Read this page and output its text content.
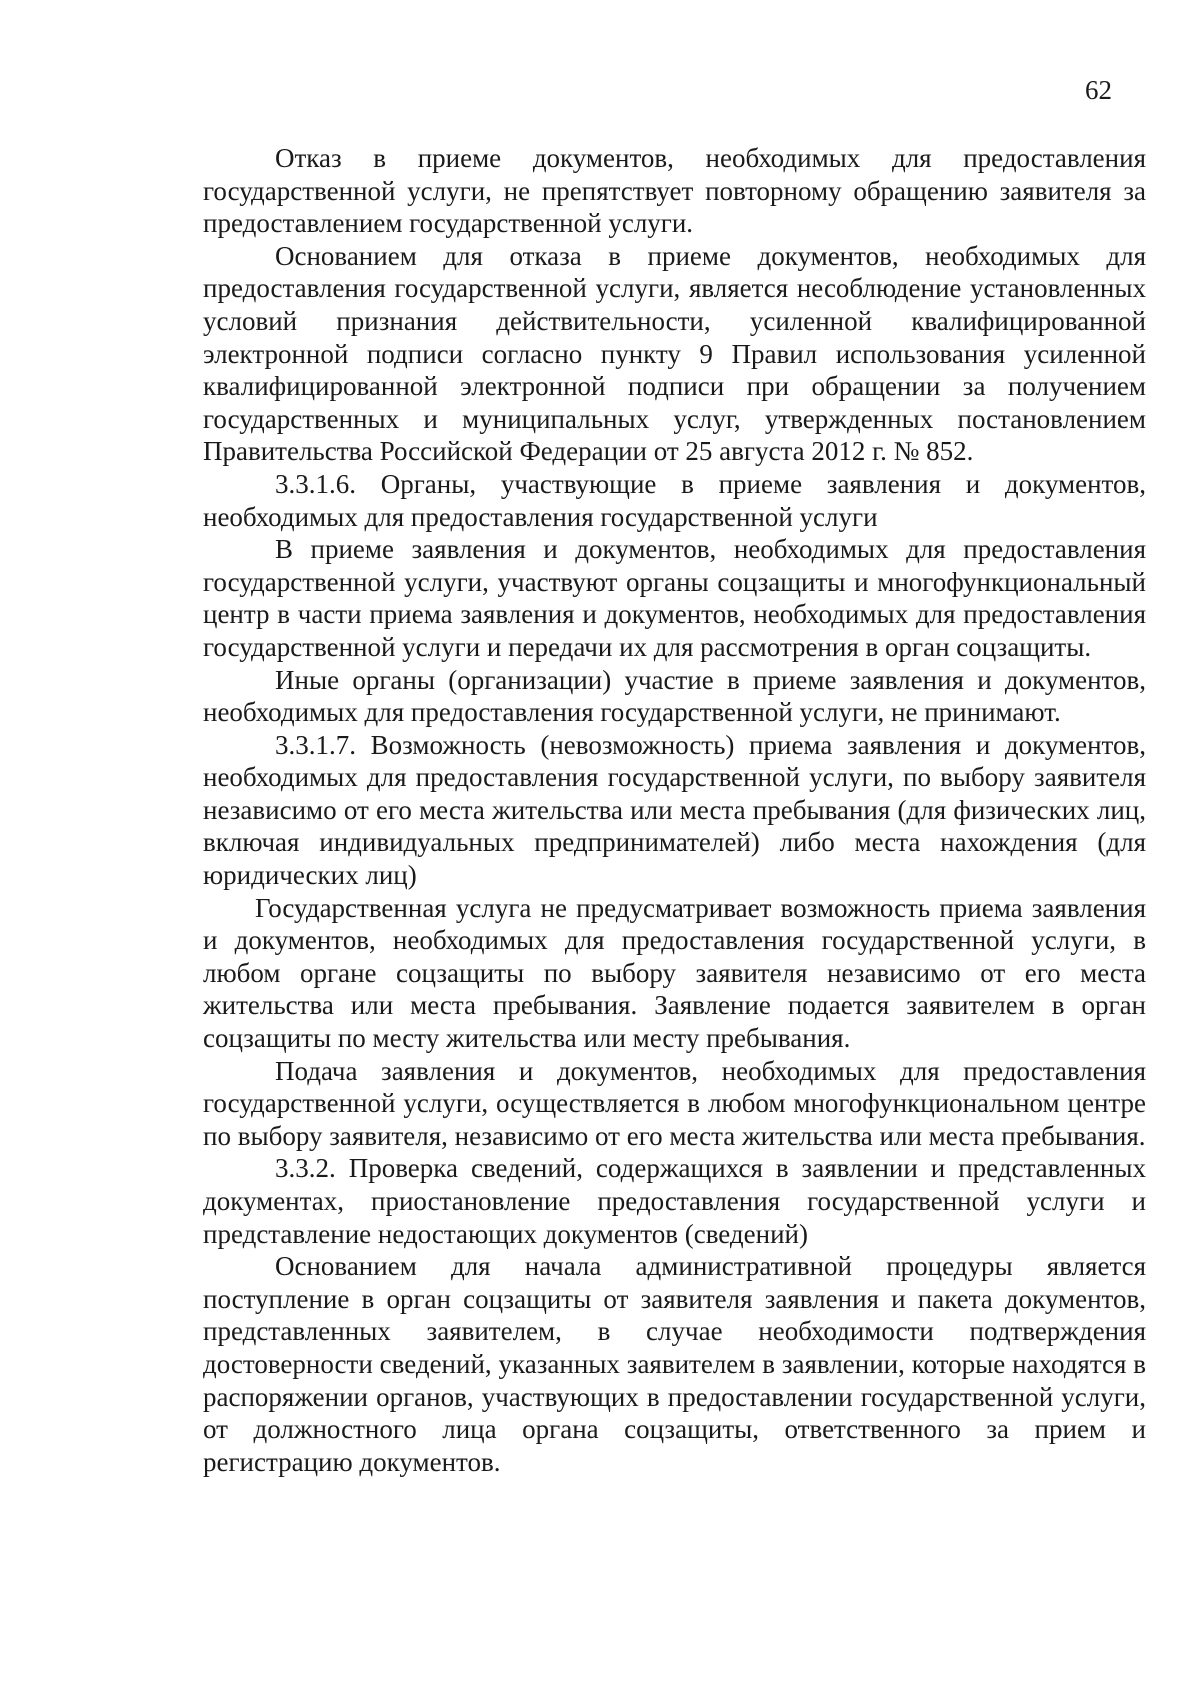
62

Отказ в приеме документов, необходимых для предоставления государственной услуги, не препятствует повторному обращению заявителя за предоставлением государственной услуги.

Основанием для отказа в приеме документов, необходимых для предоставления государственной услуги, является несоблюдение установленных условий признания действительности, усиленной квалифицированной электронной подписи согласно пункту 9 Правил использования усиленной квалифицированной электронной подписи при обращении за получением государственных и муниципальных услуг, утвержденных постановлением Правительства Российской Федерации от 25 августа 2012 г. № 852.

3.3.1.6. Органы, участвующие в приеме заявления и документов, необходимых для предоставления государственной услуги

В приеме заявления и документов, необходимых для предоставления государственной услуги, участвуют органы соцзащиты и многофункциональный центр в части приема заявления и документов, необходимых для предоставления государственной услуги и передачи их для рассмотрения в орган соцзащиты.

Иные органы (организации) участие в приеме заявления и документов, необходимых для предоставления государственной услуги, не принимают.

3.3.1.7. Возможность (невозможность) приема заявления и документов, необходимых для предоставления государственной услуги, по выбору заявителя независимо от его места жительства или места пребывания (для физических лиц, включая индивидуальных предпринимателей) либо места нахождения (для юридических лиц)

Государственная услуга не предусматривает возможность приема заявления и документов, необходимых для предоставления государственной услуги, в любом органе соцзащиты по выбору заявителя независимо от его места жительства или места пребывания. Заявление подается заявителем в орган соцзащиты по месту жительства или месту пребывания.

Подача заявления и документов, необходимых для предоставления государственной услуги, осуществляется в любом многофункциональном центре по выбору заявителя, независимо от его места жительства или места пребывания.

3.3.2. Проверка сведений, содержащихся в заявлении и представленных документах, приостановление предоставления государственной услуги и представление недостающих документов (сведений)

Основанием для начала административной процедуры является поступление в орган соцзащиты от заявителя заявления и пакета документов, представленных заявителем, в случае необходимости подтверждения достоверности сведений, указанных заявителем в заявлении, которые находятся в распоряжении органов, участвующих в предоставлении государственной услуги, от должностного лица органа соцзащиты, ответственного за прием и регистрацию документов.
